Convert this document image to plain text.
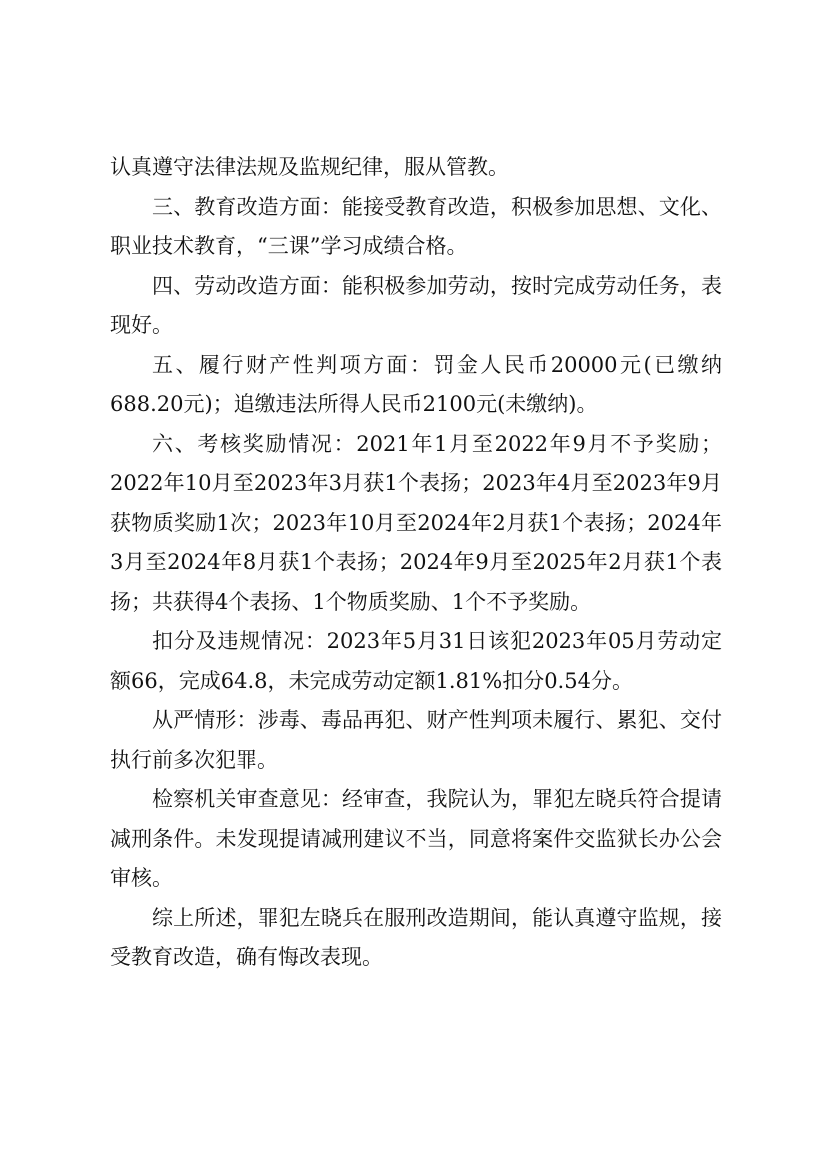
认真遵守法律法规及监规纪律，服从管教。

三、教育改造方面：能接受教育改造，积极参加思想、文化、职业技术教育，“三课”学习成绩合格。

四、劳动改造方面：能积极参加劳动，按时完成劳动任务，表现好。

五、履行财产性判项方面：罚金人民币20000元(已缴纳688.20元)；追缴违法所得人民币2100元(未缴纳)。

六、考核奖励情况：2021年1月至2022年9月不予奖励；2022年10月至2023年3月获1个表扬；2023年4月至2023年9月获物质奖励1次；2023年10月至2024年2月获1个表扬；2024年3月至2024年8月获1个表扬；2024年9月至2025年2月获1个表扬；共获得4个表扬、1个物质奖励、1个不予奖励。

扣分及违规情况：2023年5月31日该犯2023年05月劳动定额66，完成64.8，未完成劳动定额1.81%扣分0.54分。

从严情形：涉毒、毒品再犯、财产性判项未履行、累犯、交付执行前多次犯罪。

检察机关审查意见：经审查，我院认为，罪犯左晓兵符合提请减刑条件。未发现提请减刑建议不当，同意将案件交监狱长办公会审核。

综上所述，罪犯左晓兵在服刑改造期间，能认真遵守监规，接受教育改造，确有悔改表现。
